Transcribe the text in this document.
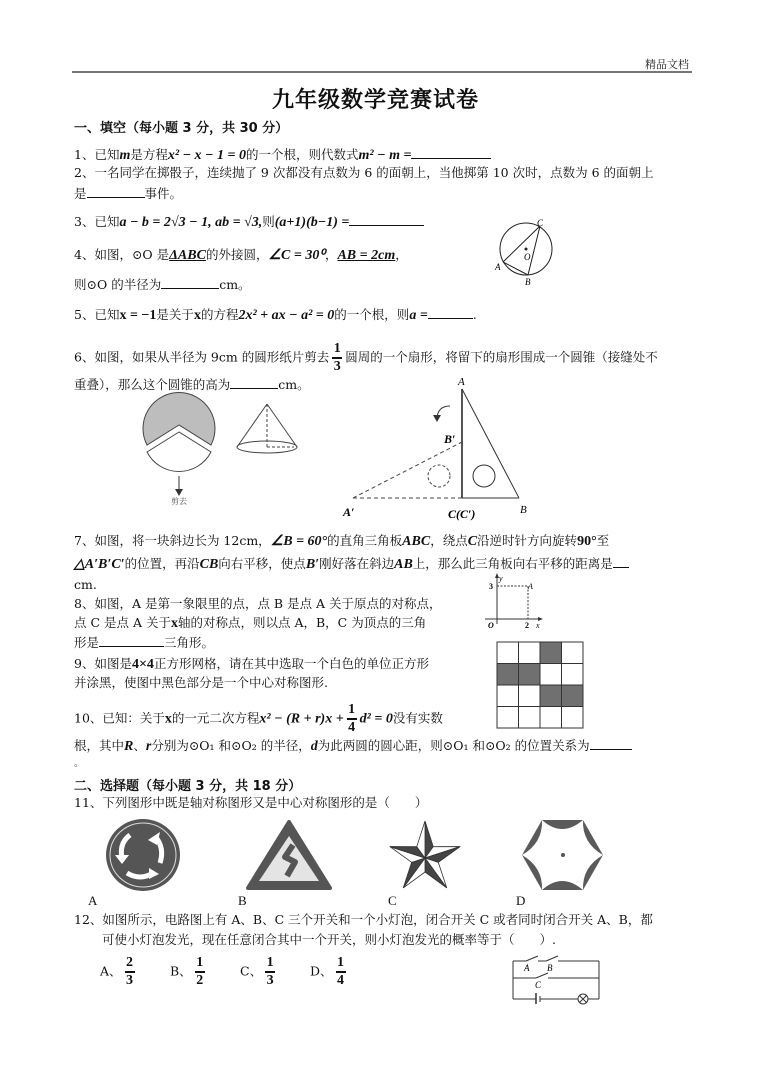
精品文档
九年级数学竞赛试卷
一、填空（每小题 3 分，共 30 分）
1、已知m是方程x² − x − 1 = 0的一个根，则代数式m² − m =
2、一名同学在掷骰子，连续抛了 9 次都没有点数为 6 的面朝上，当他掷第 10 次时，点数为 6 的面朝上
是	事件。
3、已知a − b = 2√3 − 1, ab = √3,则(a+1)(b−1) =
4、如图，⊙O 是ΔABC的外接圆，∠C = 30⁰，AB = 2cm，
则⊙O 的半径为	cm。
C
O
A
B
5、已知x = −1是关于x的方程2x² + ax − a² = 0的一个根，则a =	.
6、如图，如果从半径为 9cm 的圆形纸片剪去 $\frac{1}{3}$ 圆周的一个扇形，将留下的扇形围成一个圆锥（接缝处不
重叠），那么这个圆锥的高为	cm。
剪去
A
B′
A′	C(C′)	B
7、如图，将一块斜边长为 12cm，∠B = 60°的直角三角板ABC，绕点C沿逆时针方向旋转90°至
△A′B′C′的位置，再沿CB向右平移，使点B′刚好落在斜边AB上，那么此三角板向右平移的距离是
cm.
8、如图，A 是第一象限里的点，点 B 是点 A 关于原点的对称点，
点 C 是点 A 关于x轴的对称点，则以点 A，B，C 为顶点的三角
形是	三角形。
y
3	A
O	2 x
9、如图是4×4正方形网格，请在其中选取一个白色的单位正方形
并涂黑，使图中黑色部分是一个中心对称图形.
10、已知：关于x的一元二次方程$x^2 - (R + r)x + \frac{1}{4} d^2 = 0$没有实数
根，其中R、r分别为⊙O₁ 和⊙O₂ 的半径，d为此两圆的圆心距，则⊙O₁ 和⊙O₂ 的位置关系为
。
二、选择题（每小题 3 分，共 18 分）
11、下列图形中既是轴对称图形又是中心对称图形的是（　　）
A	B	C	D
12、如图所示，电路图上有 A、B、C 三个开关和一个小灯泡，闭合开关 C 或者同时闭合开关 A、B，都
可使小灯泡发光，现在任意闭合其中一个开关，则小灯泡发光的概率等于（　　）.
A、 $\frac{2}{3}$	B、 $\frac{1}{2}$	C、 $\frac{1}{3}$	D、 $\frac{1}{4}$	A B
C
